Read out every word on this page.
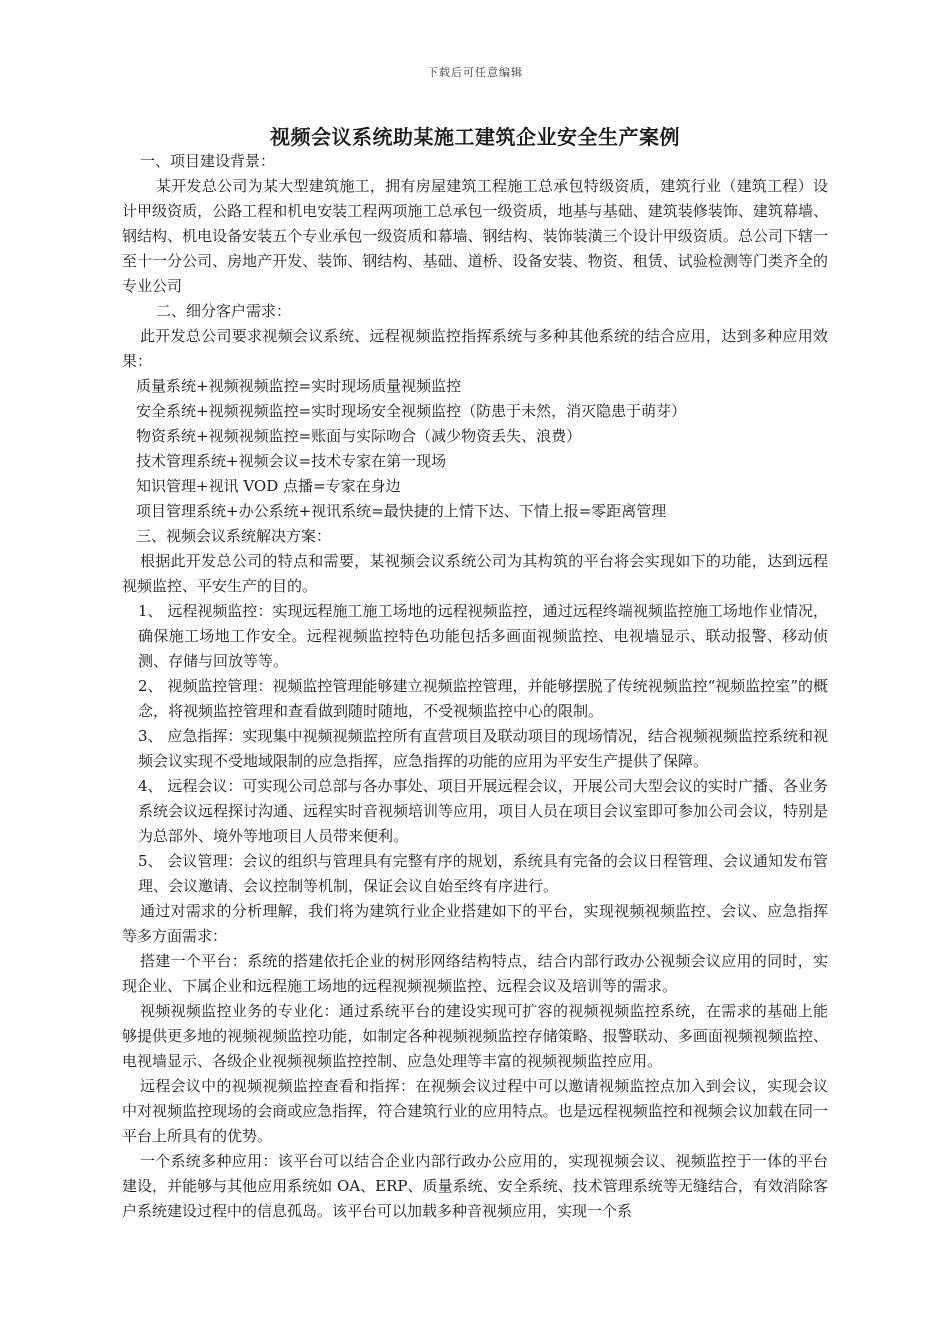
下载后可任意编辑
视频会议系统助某施工建筑企业安全生产案例

一、项目建设背景：

某开发总公司为某大型建筑施工，拥有房屋建筑工程施工总承包特级资质，建筑行业（建筑工程）设计甲级资质，公路工程和机电安装工程两项施工总承包一级资质，地基与基础、建筑装修装饰、建筑幕墙、钢结构、机电设备安装五个专业承包一级资质和幕墙、钢结构、装饰装潢三个设计甲级资质。总公司下辖一至十一分公司、房地产开发、装饰、钢结构、基础、道桥、设备安装、物资、租赁、试验检测等门类齐全的专业公司

二、细分客户需求：

此开发总公司要求视频会议系统、远程视频监控指挥系统与多种其他系统的结合应用，达到多种应用效果：

质量系统+视频视频监控=实时现场质量视频监控

安全系统+视频视频监控=实时现场安全视频监控（防患于未然，消灭隐患于萌芽）

物资系统+视频视频监控=账面与实际吻合（减少物资丢失、浪费）

技术管理系统+视频会议=技术专家在第一现场

知识管理+视讯 VOD 点播=专家在身边

项目管理系统+办公系统+视讯系统=最快捷的上情下达、下情上报=零距离管理

三、视频会议系统解决方案：

根据此开发总公司的特点和需要，某视频会议系统公司为其构筑的平台将会实现如下的功能，达到远程视频监控、平安生产的目的。

1、 远程视频监控：实现远程施工施工场地的远程视频监控，通过远程终端视频监控施工场地作业情况，确保施工场地工作安全。远程视频监控特色功能包括多画面视频监控、电视墙显示、联动报警、移动侦测、存储与回放等等。

2、 视频监控管理：视频监控管理能够建立视频监控管理，并能够摆脱了传统视频监控“视频监控室”的概念，将视频监控管理和查看做到随时随地，不受视频监控中心的限制。

3、 应急指挥：实现集中视频视频监控所有直营项目及联动项目的现场情况，结合视频视频监控系统和视频会议实现不受地域限制的应急指挥，应急指挥的功能的应用为平安生产提供了保障。

4、 远程会议：可实现公司总部与各办事处、项目开展远程会议，开展公司大型会议的实时广播、各业务系统会议远程探讨沟通、远程实时音视频培训等应用，项目人员在项目会议室即可参加公司会议，特别是为总部外、境外等地项目人员带来便利。

5、 会议管理：会议的组织与管理具有完整有序的规划，系统具有完备的会议日程管理、会议通知发布管理、会议邀请、会议控制等机制，保证会议自始至终有序进行。

通过对需求的分析理解，我们将为建筑行业企业搭建如下的平台，实现视频视频监控、会议、应急指挥等多方面需求：

搭建一个平台：系统的搭建依托企业的树形网络结构特点，结合内部行政办公视频会议应用的同时，实现企业、下属企业和远程施工场地的远程视频视频监控、远程会议及培训等的需求。

视频视频监控业务的专业化：通过系统平台的建设实现可扩容的视频视频监控系统，在需求的基础上能够提供更多地的视频视频监控功能，如制定各种视频视频监控存储策略、报警联动、多画面视频视频监控、电视墙显示、各级企业视频视频监控控制、应急处理等丰富的视频视频监控应用。

远程会议中的视频视频监控查看和指挥：在视频会议过程中可以邀请视频监控点加入到会议，实现会议中对视频监控现场的会商或应急指挥，符合建筑行业的应用特点。也是远程视频监控和视频会议加载在同一平台上所具有的优势。

一个系统多种应用：该平台可以结合企业内部行政办公应用的，实现视频会议、视频监控于一体的平台建设，并能够与其他应用系统如 OA、ERP、质量系统、安全系统、技术管理系统等无缝结合，有效消除客户系统建设过程中的信息孤岛。该平台可以加载多种音视频应用，实现一个系
